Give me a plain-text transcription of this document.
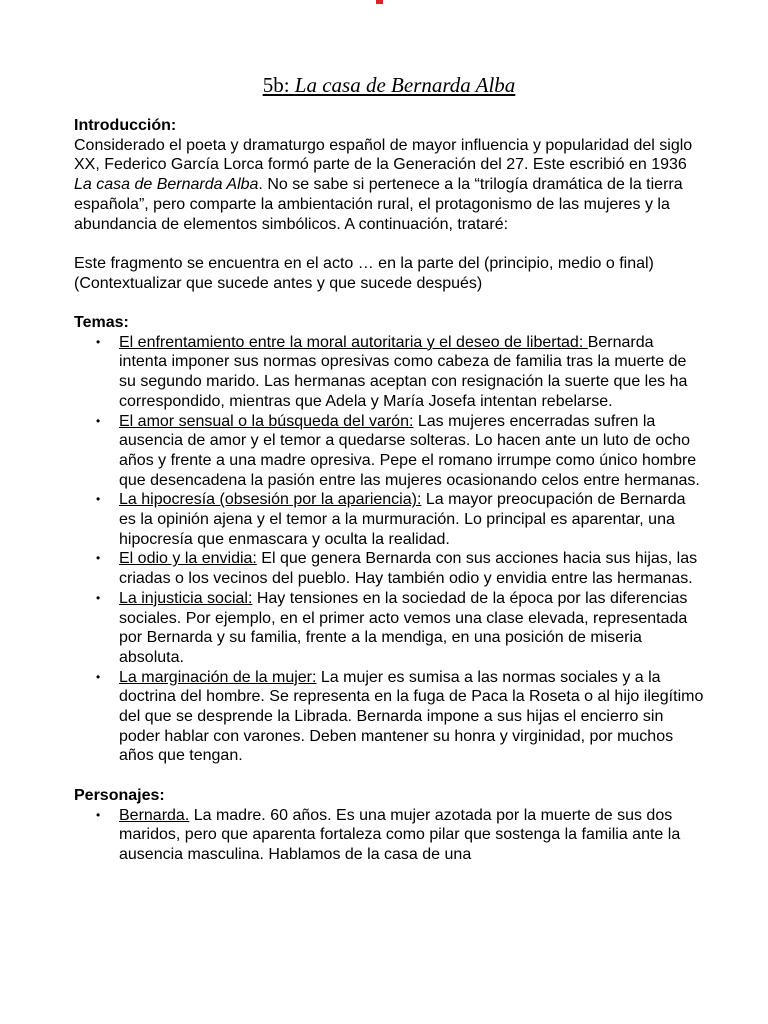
5b: La casa de Bernarda Alba
Introducción:

Considerado el poeta y dramaturgo español de mayor influencia y popularidad del siglo XX, Federico García Lorca formó parte de la Generación del 27. Este escribió en 1936 La casa de Bernarda Alba. No se sabe si pertenece a la “trilogía dramática de la tierra española”, pero comparte la ambientación rural, el protagonismo de las mujeres y la abundancia de elementos simbólicos. A continuación, trataré:

Este fragmento se encuentra en el acto … en la parte del (principio, medio o final) (Contextualizar que sucede antes y que sucede después)

Temas:
• El enfrentamiento entre la moral autoritaria y el deseo de libertad: Bernarda intenta imponer sus normas opresivas como cabeza de familia tras la muerte de su segundo marido. Las hermanas aceptan con resignación la suerte que les ha correspondido, mientras que Adela y María Josefa intentan rebelarse.
• El amor sensual o la búsqueda del varón: Las mujeres encerradas sufren la ausencia de amor y el temor a quedarse solteras. Lo hacen ante un luto de ocho años y frente a una madre opresiva. Pepe el romano irrumpe como único hombre que desencadena la pasión entre las mujeres ocasionando celos entre hermanas.
• La hipocresía (obsesión por la apariencia): La mayor preocupación de Bernarda es la opinión ajena y el temor a la murmuración. Lo principal es aparentar, una hipocresía que enmascara y oculta la realidad.
• El odio y la envidia: El que genera Bernarda con sus acciones hacia sus hijas, las criadas o los vecinos del pueblo. Hay también odio y envidia entre las hermanas.
• La injusticia social: Hay tensiones en la sociedad de la época por las diferencias sociales. Por ejemplo, en el primer acto vemos una clase elevada, representada por Bernarda y su familia, frente a la mendiga, en una posición de miseria absoluta.
• La marginación de la mujer: La mujer es sumisa a las normas sociales y a la doctrina del hombre. Se representa en la fuga de Paca la Roseta o al hijo ilegítimo del que se desprende la Librada. Bernarda impone a sus hijas el encierro sin poder hablar con varones. Deben mantener su honra y virginidad, por muchos años que tengan.
Personajes:
• Bernarda. La madre. 60 años. Es una mujer azotada por la muerte de sus dos maridos, pero que aparenta fortaleza como pilar que sostenga la familia ante la ausencia masculina. Hablamos de la casa de una
